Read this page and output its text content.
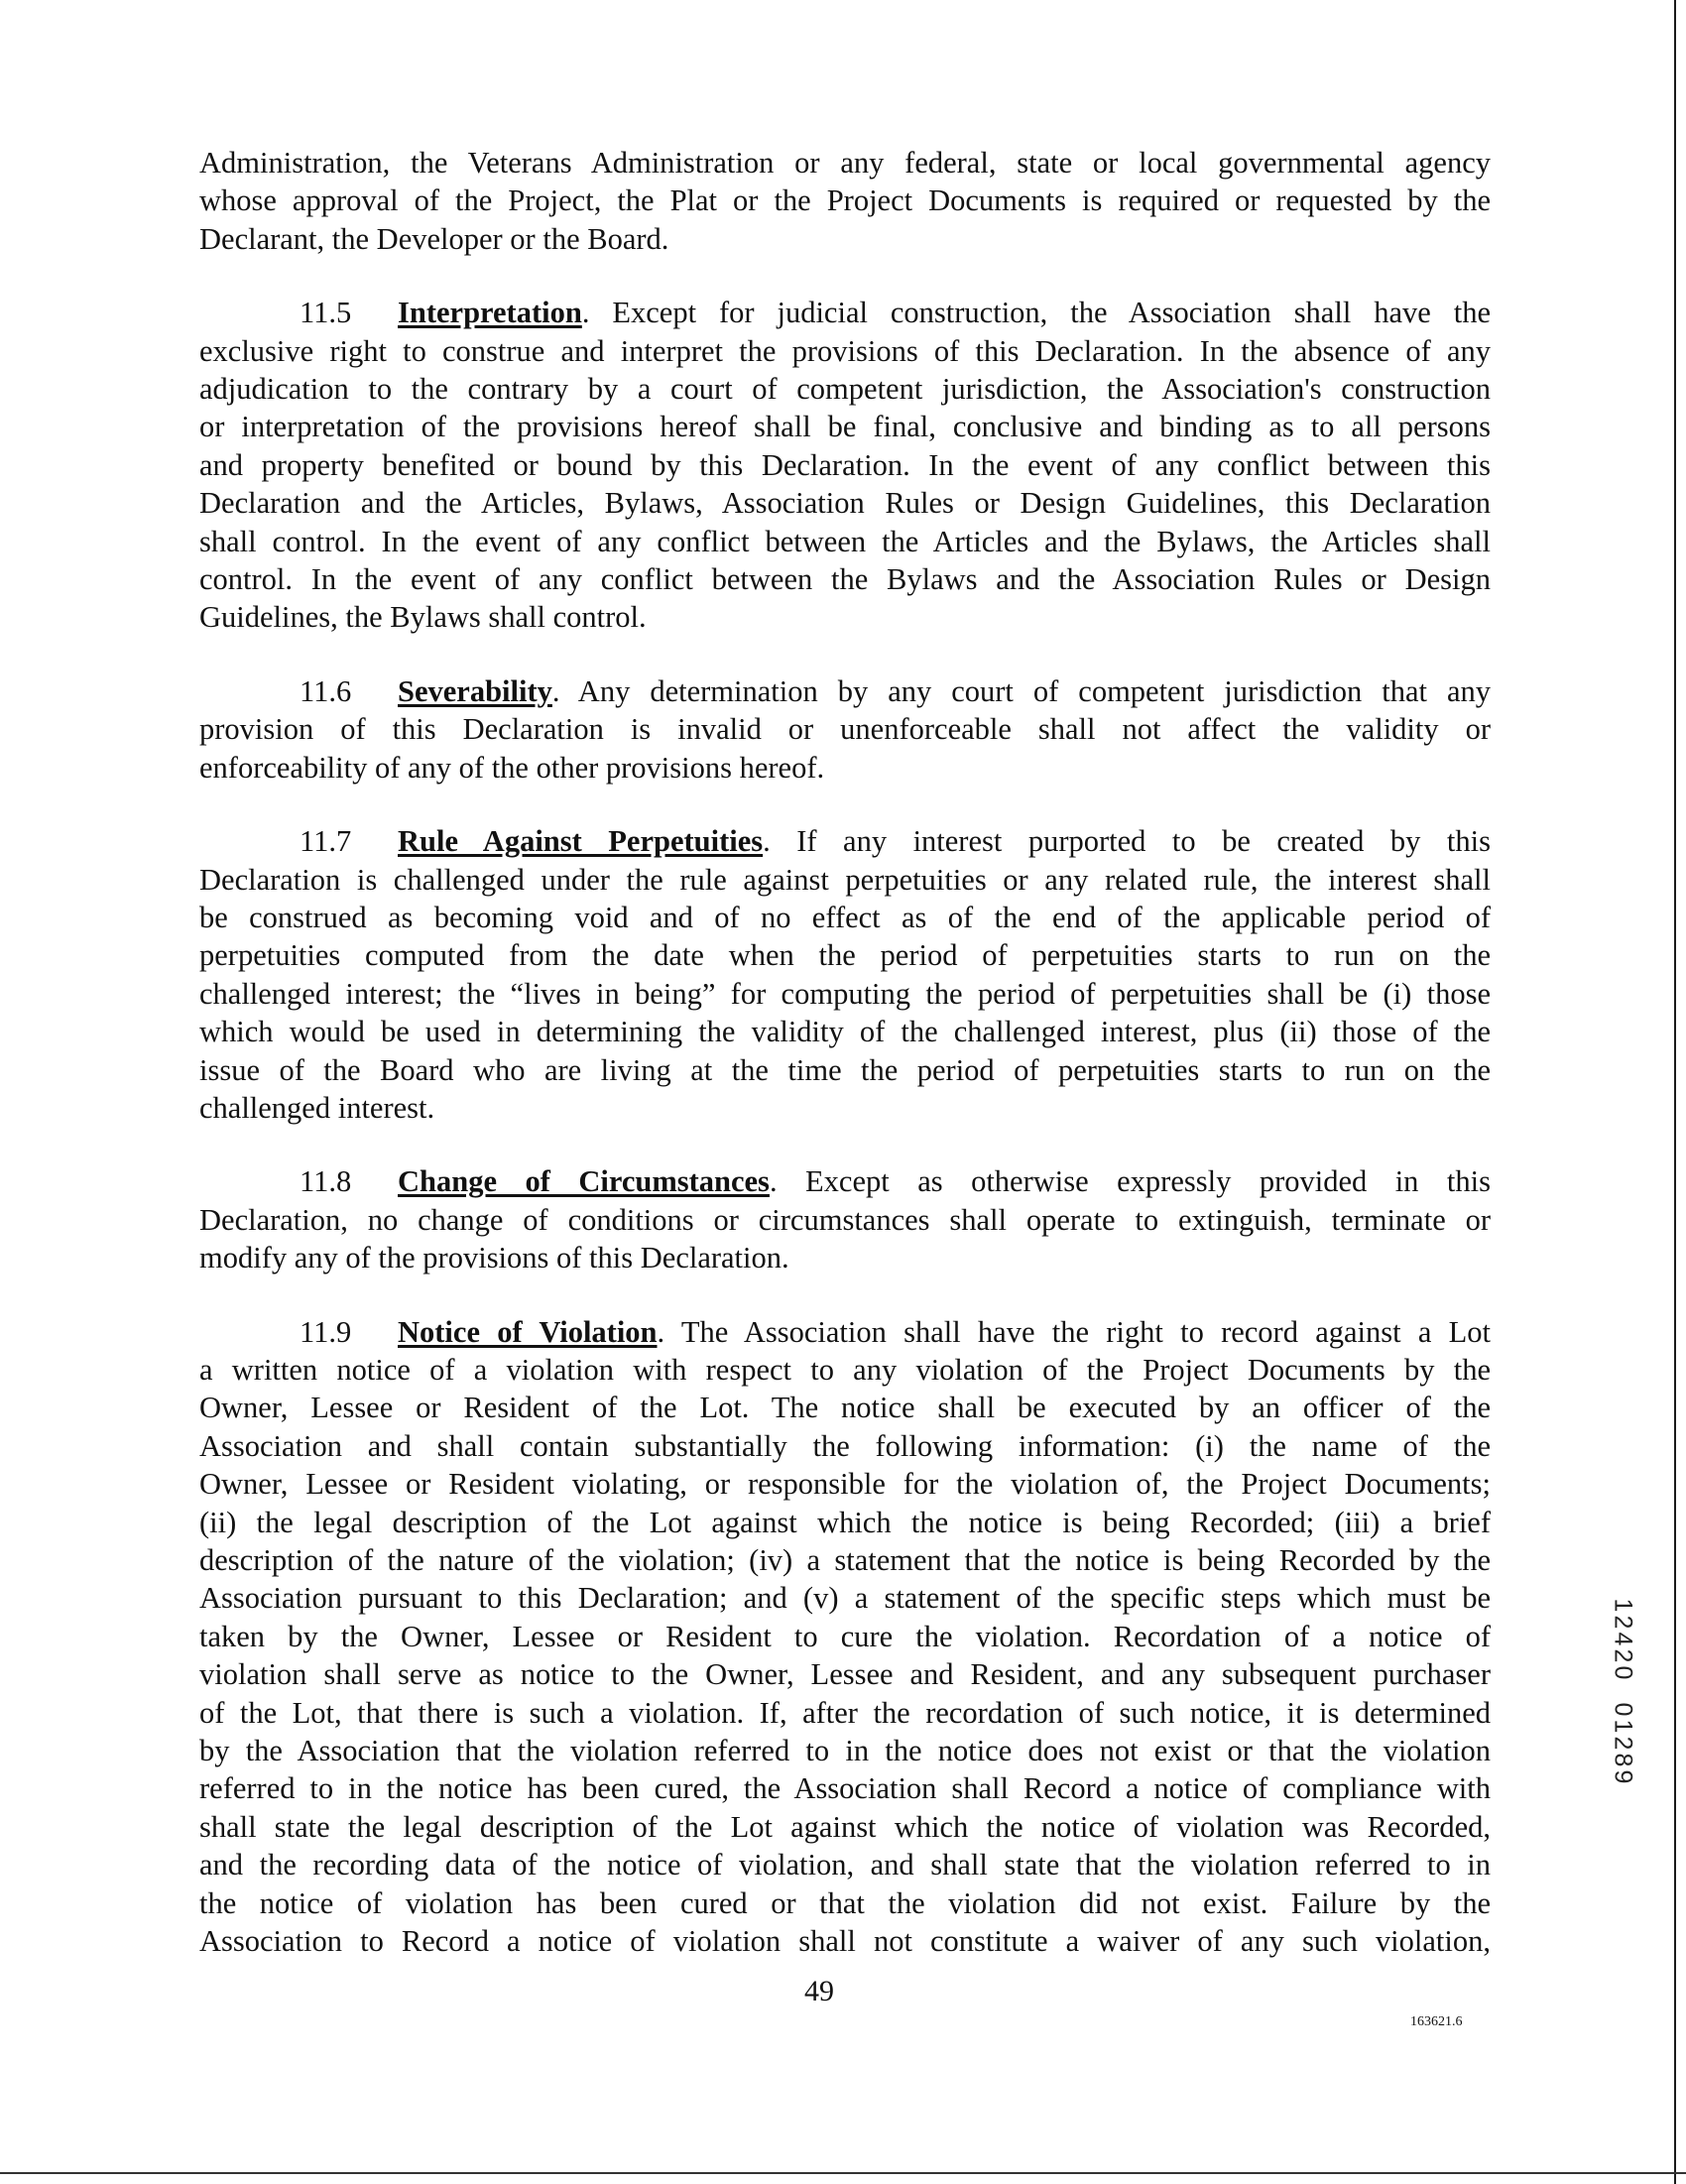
Administration, the Veterans Administration or any federal, state or local governmental agency
whose approval of the Project, the Plat or the Project Documents is required or requested by the
Declarant, the Developer or the Board.

11.5 Interpretation. Except for judicial construction, the Association shall have the
exclusive right to construe and interpret the provisions of this Declaration. In the absence of any
adjudication to the contrary by a court of competent jurisdiction, the Association's construction
or interpretation of the provisions hereof shall be final, conclusive and binding as to all persons
and property benefited or bound by this Declaration. In the event of any conflict between this
Declaration and the Articles, Bylaws, Association Rules or Design Guidelines, this Declaration
shall control. In the event of any conflict between the Articles and the Bylaws, the Articles shall
control. In the event of any conflict between the Bylaws and the Association Rules or Design
Guidelines, the Bylaws shall control.

11.6 Severability. Any determination by any court of competent jurisdiction that any
provision of this Declaration is invalid or unenforceable shall not affect the validity or
enforceability of any of the other provisions hereof.

11.7 Rule Against Perpetuities. If any interest purported to be created by this
Declaration is challenged under the rule against perpetuities or any related rule, the interest shall
be construed as becoming void and of no effect as of the end of the applicable period of
perpetuities computed from the date when the period of perpetuities starts to run on the
challenged interest; the “lives in being” for computing the period of perpetuities shall be (i) those
which would be used in determining the validity of the challenged interest, plus (ii) those of the
issue of the Board who are living at the time the period of perpetuities starts to run on the
challenged interest.

11.8 Change of Circumstances. Except as otherwise expressly provided in this
Declaration, no change of conditions or circumstances shall operate to extinguish, terminate or
modify any of the provisions of this Declaration.

11.9 Notice of Violation. The Association shall have the right to record against a Lot
a written notice of a violation with respect to any violation of the Project Documents by the
Owner, Lessee or Resident of the Lot. The notice shall be executed by an officer of the
Association and shall contain substantially the following information: (i) the name of the
Owner, Lessee or Resident violating, or responsible for the violation of, the Project Documents;
(ii) the legal description of the Lot against which the notice is being Recorded; (iii) a brief
description of the nature of the violation; (iv) a statement that the notice is being Recorded by the
Association pursuant to this Declaration; and (v) a statement of the specific steps which must be
taken by the Owner, Lessee or Resident to cure the violation. Recordation of a notice of
violation shall serve as notice to the Owner, Lessee and Resident, and any subsequent purchaser
of the Lot, that there is such a violation. If, after the recordation of such notice, it is determined
by the Association that the violation referred to in the notice does not exist or that the violation
referred to in the notice has been cured, the Association shall Record a notice of compliance with
shall state the legal description of the Lot against which the notice of violation was Recorded,
and the recording data of the notice of violation, and shall state that the violation referred to in
the notice of violation has been cured or that the violation did not exist. Failure by the
Association to Record a notice of violation shall not constitute a waiver of any such violation,

49
163621.6
1
2
4
2
0
0
1
2
8
9
